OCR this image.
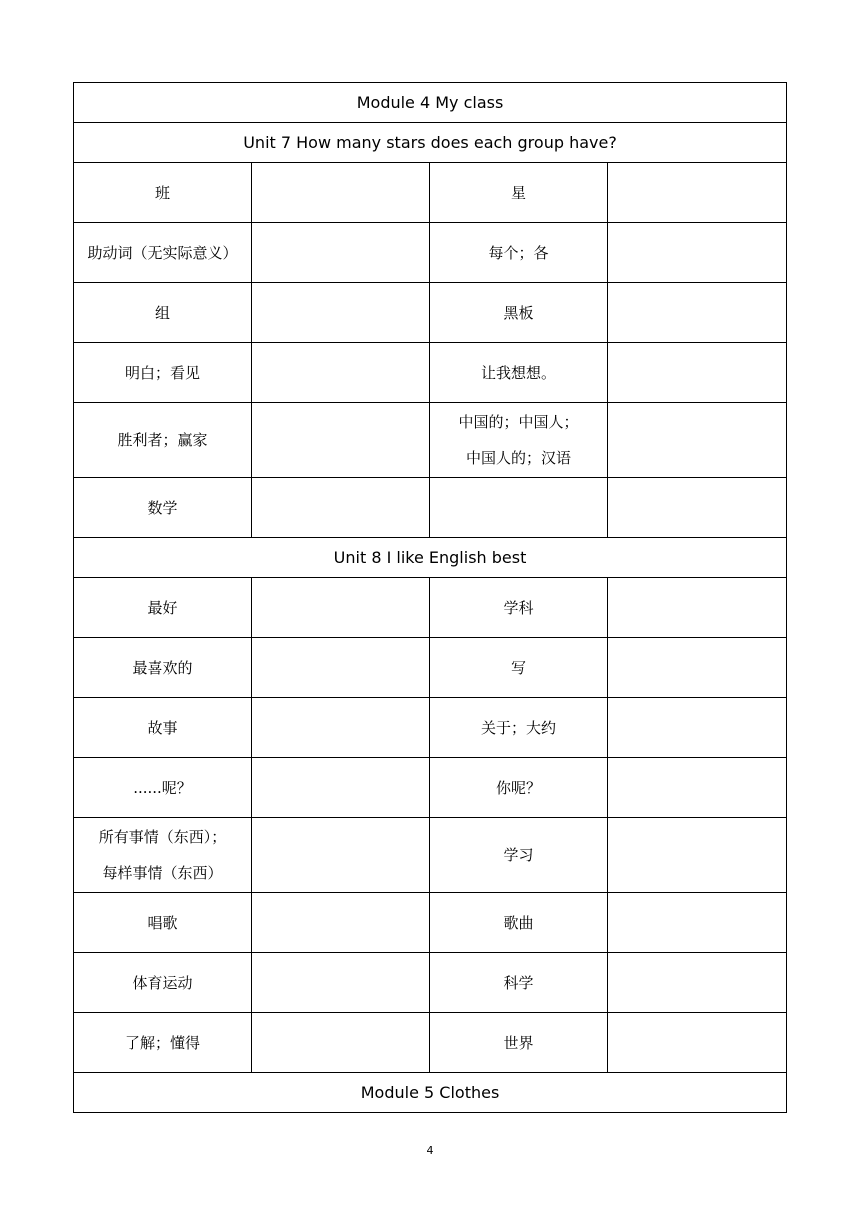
Module 4 My class			
Unit 7 How many stars does each group have?			
班		星	
助动词（无实际意义）		每个；各	
组		黑板	
明白；看见		让我想想。	
胜利者；赢家		中国的；中国人；
中国人的；汉语	
数学			
Unit 8 I like English best			
最好		学科	
最喜欢的		写	
故事		关于；大约	
......呢？		你呢？	
所有事情（东西）；
每样事情（东西）		学习	
唱歌		歌曲	
体育运动		科学	
了解；懂得		世界	
Module 5 Clothes			
4
